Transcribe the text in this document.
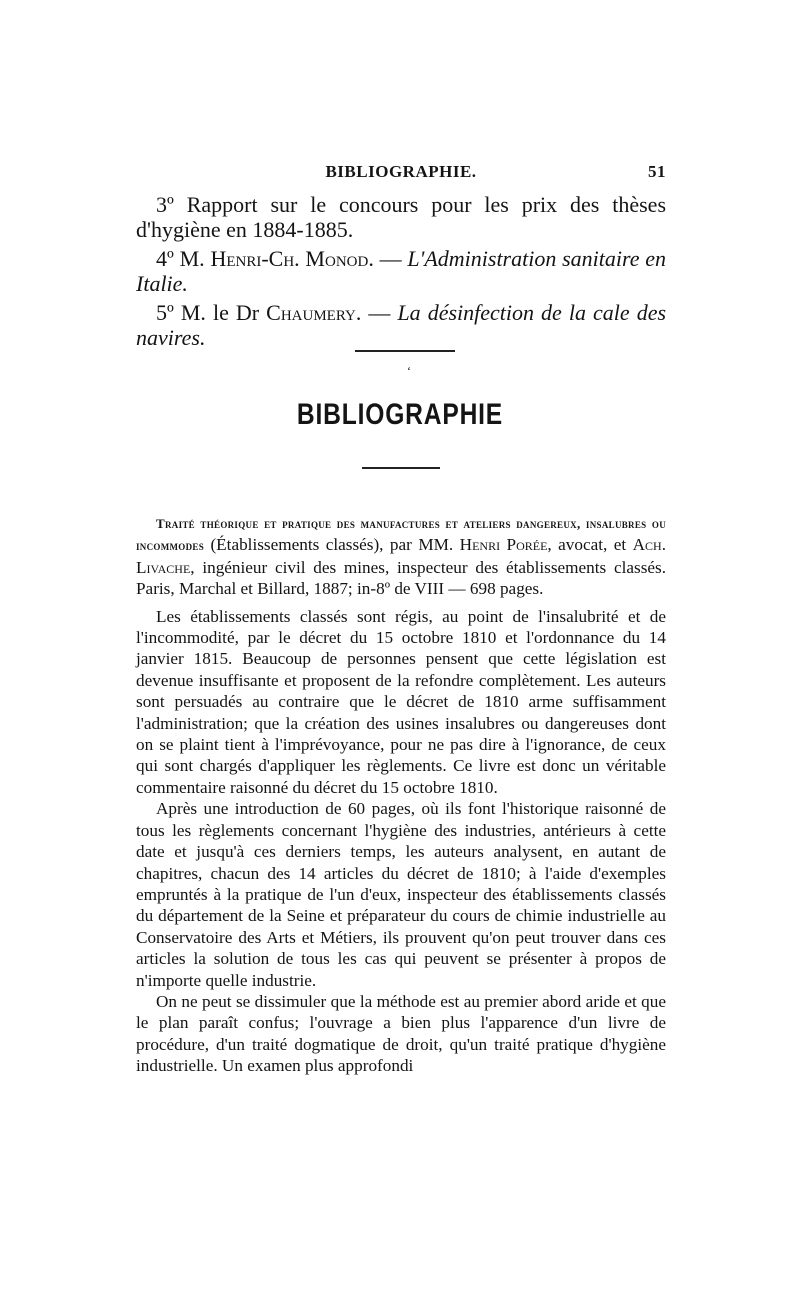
BIBLIOGRAPHIE.	51

3º Rapport sur le concours pour les prix des thèses d'hygiène en 1884-1885.

4º M. Henri-Ch. Monod. — L'Administration sanitaire en Italie.

5º M. le Dr Chaumery. — La désinfection de la cale des navires.

‘
BIBLIOGRAPHIE

Traité théorique et pratique des manufactures et ateliers dangereux, insalubres ou incommodes (Établissements classés), par MM. Henri Porée, avocat, et Ach. Livache, ingénieur civil des mines, inspecteur des établissements classés. Paris, Marchal et Billard, 1887; in-8º de VIII — 698 pages.

Les établissements classés sont régis, au point de l'insalubrité et de l'incommodité, par le décret du 15 octobre 1810 et l'ordonnance du 14 janvier 1815. Beaucoup de personnes pensent que cette législation est devenue insuffisante et proposent de la refondre complètement. Les auteurs sont persuadés au contraire que le décret de 1810 arme suffisamment l'administration; que la création des usines insalubres ou dangereuses dont on se plaint tient à l'imprévoyance, pour ne pas dire à l'ignorance, de ceux qui sont chargés d'appliquer les règlements. Ce livre est donc un véritable commentaire raisonné du décret du 15 octobre 1810.

Après une introduction de 60 pages, où ils font l'historique raisonné de tous les règlements concernant l'hygiène des industries, antérieurs à cette date et jusqu'à ces derniers temps, les auteurs analysent, en autant de chapitres, chacun des 14 articles du décret de 1810; à l'aide d'exemples empruntés à la pratique de l'un d'eux, inspecteur des établissements classés du département de la Seine et préparateur du cours de chimie industrielle au Conservatoire des Arts et Métiers, ils prouvent qu'on peut trouver dans ces articles la solution de tous les cas qui peuvent se présenter à propos de n'importe quelle industrie.

On ne peut se dissimuler que la méthode est au premier abord aride et que le plan paraît confus; l'ouvrage a bien plus l'apparence d'un livre de procédure, d'un traité dogmatique de droit, qu'un traité pratique d'hygiène industrielle. Un examen plus approfondi
